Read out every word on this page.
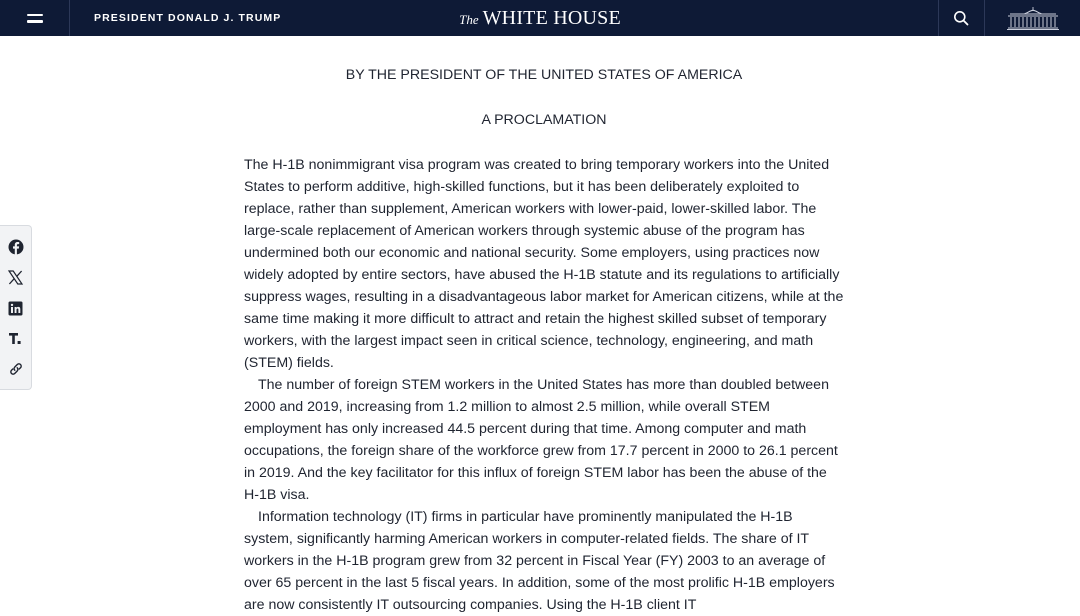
PRESIDENT DONALD J. TRUMP	The WHITE HOUSE

BY THE PRESIDENT OF THE UNITED STATES OF AMERICA

A PROCLAMATION

The H-1B nonimmigrant visa program was created to bring temporary workers into the United States to perform additive, high-skilled functions, but it has been deliberately exploited to replace, rather than supplement, American workers with lower-paid, lower-skilled labor. The large-scale replacement of American workers through systemic abuse of the program has undermined both our economic and national security. Some employers, using practices now widely adopted by entire sectors, have abused the H-1B statute and its regulations to artificially suppress wages, resulting in a disadvantageous labor market for American citizens, while at the same time making it more difficult to attract and retain the highest skilled subset of temporary workers, with the largest impact seen in critical science, technology, engineering, and math (STEM) fields.

The number of foreign STEM workers in the United States has more than doubled between 2000 and 2019, increasing from 1.2 million to almost 2.5 million, while overall STEM employment has only increased 44.5 percent during that time. Among computer and math occupations, the foreign share of the workforce grew from 17.7 percent in 2000 to 26.1 percent in 2019. And the key facilitator for this influx of foreign STEM labor has been the abuse of the H-1B visa.

Information technology (IT) firms in particular have prominently manipulated the H-1B system, significantly harming American workers in computer-related fields. The share of IT workers in the H-1B program grew from 32 percent in Fiscal Year (FY) 2003 to an average of over 65 percent in the last 5 fiscal years. In addition, some of the most prolific H-1B employers are now consistently IT outsourcing companies. Using the H-1B client IT
